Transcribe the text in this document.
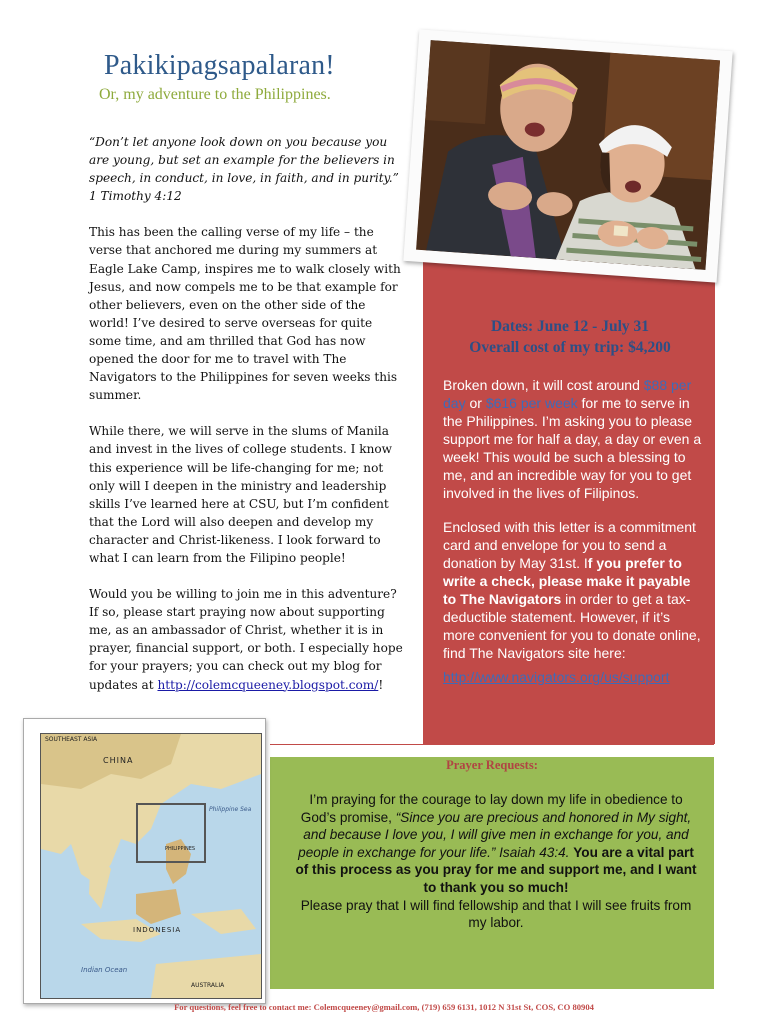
Pakikipagsapalaran!
Or, my adventure to the Philippines.

“Don’t let anyone look down on you because you are young, but set an example for the believers in speech, in conduct, in love, in faith, and in purity.”
1 Timothy 4:12

This has been the calling verse of my life – the verse that anchored me during my summers at Eagle Lake Camp, inspires me to walk closely with Jesus, and now compels me to be that example for other believers, even on the other side of the world! I’ve desired to serve overseas for quite some time, and am thrilled that God has now opened the door for me to travel with The Navigators to the Philippines for seven weeks this summer.

While there, we will serve in the slums of Manila and invest in the lives of college students. I know this experience will be life-changing for me; not only will I deepen in the ministry and leadership skills I’ve learned here at CSU, but I’m confident that the Lord will also deepen and develop my character and Christ-likeness. I look forward to what I can learn from the Filipino people!

Would you be willing to join me in this adventure? If so, please start praying now about supporting me, as an ambassador of Christ, whether it is in prayer, financial support, or both. I especially hope for your prayers; you can check out my blog for updates at http://colemcqueeney.blogspot.com/!

Dates: June 12 - July 31
Overall cost of my trip: $4,200

Broken down, it will cost around $88 per day or $616 per week for me to serve in the Philippines. I’m asking you to please support me for half a day, a day or even a week! This would be such a blessing to me, and an incredible way for you to get involved in the lives of Filipinos.

Enclosed with this letter is a commitment card and envelope for you to send a donation by May 31st. If you prefer to write a check, please make it payable to The Navigators in order to get a tax-deductible statement. However, if it’s more convenient for you to donate online, find The Navigators site here:
http://www.navigators.org/us/support

Prayer Requests:

I’m praying for the courage to lay down my life in obedience to God’s promise, “Since you are precious and honored in My sight, and because I love you, I will give men in exchange for you, and people in exchange for your life.” Isaiah 43:4. You are a vital part of this process as you pray for me and support me, and I want to thank you so much!

Please pray that I will find fellowship and that I will see fruits from my labor.

SOUTHEAST ASIA
CHINA
Philippine Sea
PHILIPPINES
INDONESIA
Indian Ocean
AUSTRALIA
For questions, feel free to contact me: Colemcqueeney@gmail.com, (719) 659 6131, 1012 N 31st St, COS, CO 80904
